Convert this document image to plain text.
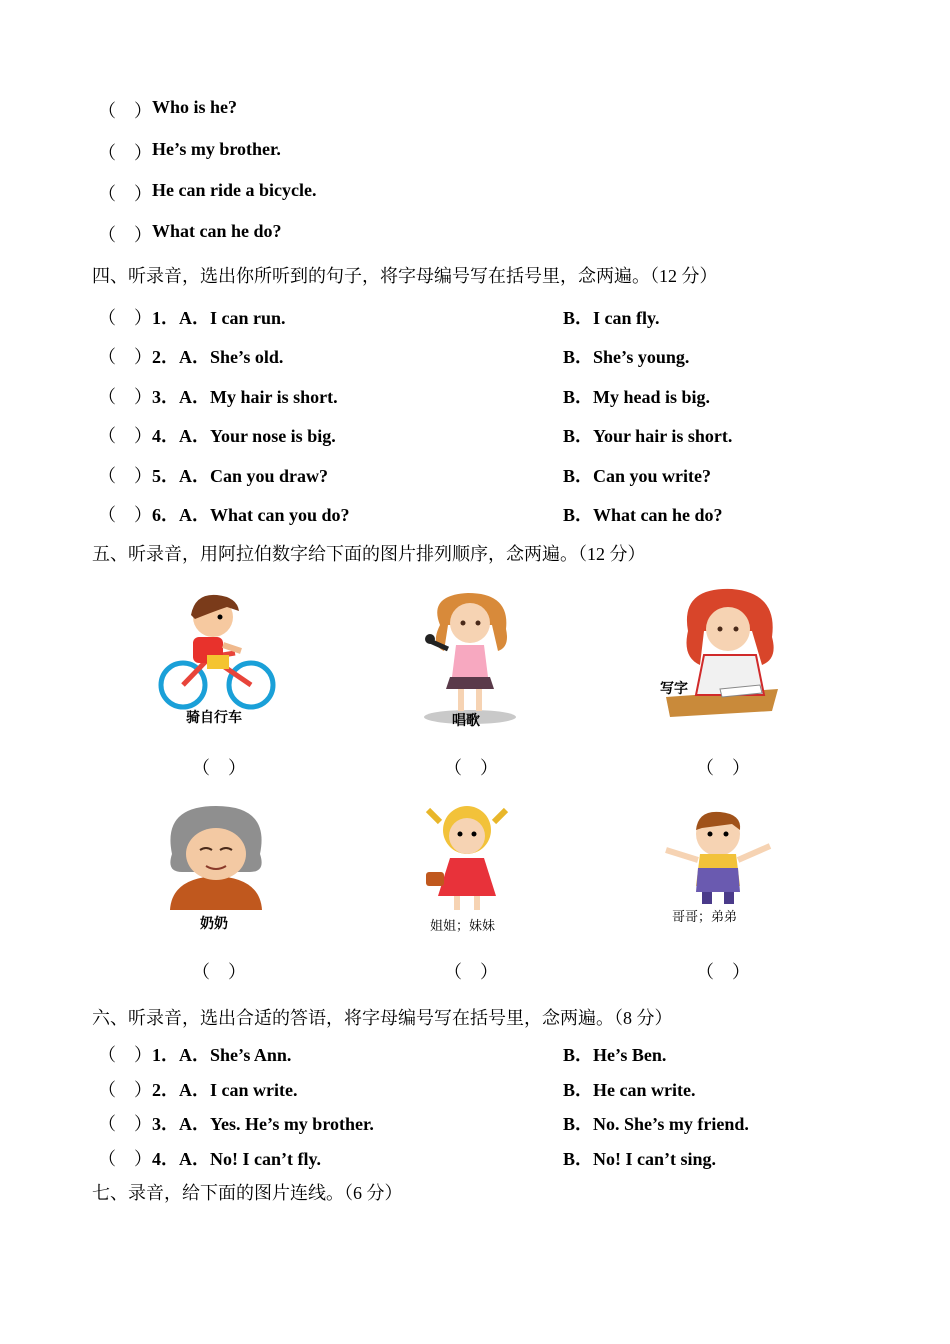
（　） Who is he?
（　） He’s my brother.
（　） He can ride a bicycle.
（　） What can he do?
四、听录音，选出你所听到的句子，将字母编号写在括号里，念两遍。（12 分）
（　） 1．A．I can run.	B．I can fly.
（　） 2．A．She’s old.	B．She’s young.
（　） 3．A．My hair is short.	B．My head is big.
（　） 4．A．Your nose is big.	B．Your hair is short.
（　） 5．A．Can you draw?	B．Can you write?
（　） 6．A．What can you do?	B．What can he do?
五、听录音，用阿拉伯数字给下面的图片排列顺序，念两遍。（12 分）
骑自行车	唱歌
写字
（　）	（　）	（　）
奶奶	姐姐；妹妹
哥哥；弟弟
（　）	（　）	（　）
六、听录音，选出合适的答语，将字母编号写在括号里，念两遍。（8 分）
（　） 1．A．She’s Ann.	B．He’s Ben.
（　） 2．A．I can write.	B．He can write.
（　） 3．A．Yes. He’s my brother.	B．No. She’s my friend.
（　） 4．A．No! I can’t fly.	B．No! I can’t sing.
七、录音，给下面的图片连线。（6 分）
